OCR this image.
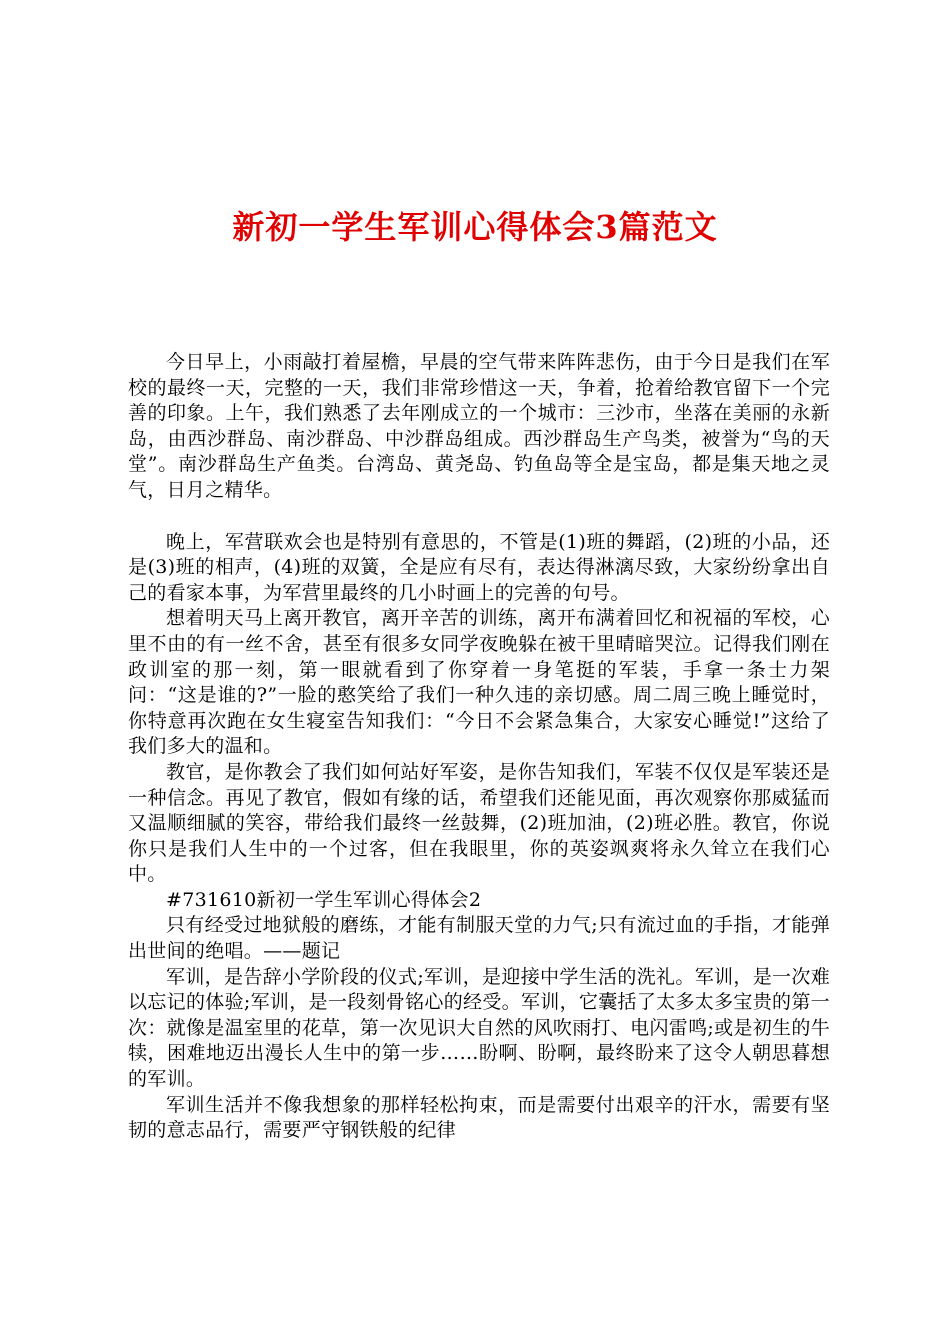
新初一学生军训心得体会3篇范文

今日早上，小雨敲打着屋檐，早晨的空气带来阵阵悲伤，由于今日是我们在军校的最终一天，完整的一天，我们非常珍惜这一天，争着，抢着给教官留下一个完善的印象。上午，我们熟悉了去年刚成立的一个城市：三沙市，坐落在美丽的永新岛，由西沙群岛、南沙群岛、中沙群岛组成。西沙群岛生产鸟类，被誉为“鸟的天堂”。南沙群岛生产鱼类。台湾岛、黄尧岛、钓鱼岛等全是宝岛，都是集天地之灵气，日月之精华。

晚上，军营联欢会也是特别有意思的，不管是(1)班的舞蹈，(2)班的小品，还是(3)班的相声，(4)班的双簧，全是应有尽有，表达得淋漓尽致，大家纷纷拿出自己的看家本事，为军营里最终的几小时画上的完善的句号。

想着明天马上离开教官，离开辛苦的训练，离开布满着回忆和祝福的军校，心里不由的有一丝不舍，甚至有很多女同学夜晚躲在被干里晴暗哭泣。记得我们刚在政训室的那一刻，第一眼就看到了你穿着一身笔挺的军装，手拿一条士力架问：“这是谁的?”一脸的憨笑给了我们一种久违的亲切感。周二周三晚上睡觉时，你特意再次跑在女生寝室告知我们：“今日不会紧急集合，大家安心睡觉!”这给了我们多大的温和。

教官，是你教会了我们如何站好军姿，是你告知我们，军装不仅仅是军装还是一种信念。再见了教官，假如有缘的话，希望我们还能见面，再次观察你那威猛而又温顺细腻的笑容，带给我们最终一丝鼓舞，(2)班加油，(2)班必胜。教官，你说你只是我们人生中的一个过客，但在我眼里，你的英姿飒爽将永久耸立在我们心中。

#731610新初一学生军训心得体会2

只有经受过地狱般的磨练，才能有制服天堂的力气;只有流过血的手指，才能弹出世间的绝唱。——题记

军训，是告辞小学阶段的仪式;军训，是迎接中学生活的洗礼。军训，是一次难以忘记的体验;军训，是一段刻骨铭心的经受。军训，它囊括了太多太多宝贵的第一次：就像是温室里的花草，第一次见识大自然的风吹雨打、电闪雷鸣;或是初生的牛犊，困难地迈出漫长人生中的第一步……盼啊、盼啊，最终盼来了这令人朝思暮想的军训。

军训生活并不像我想象的那样轻松拘束，而是需要付出艰辛的汗水，需要有坚韧的意志品行，需要严守钢铁般的纪律
